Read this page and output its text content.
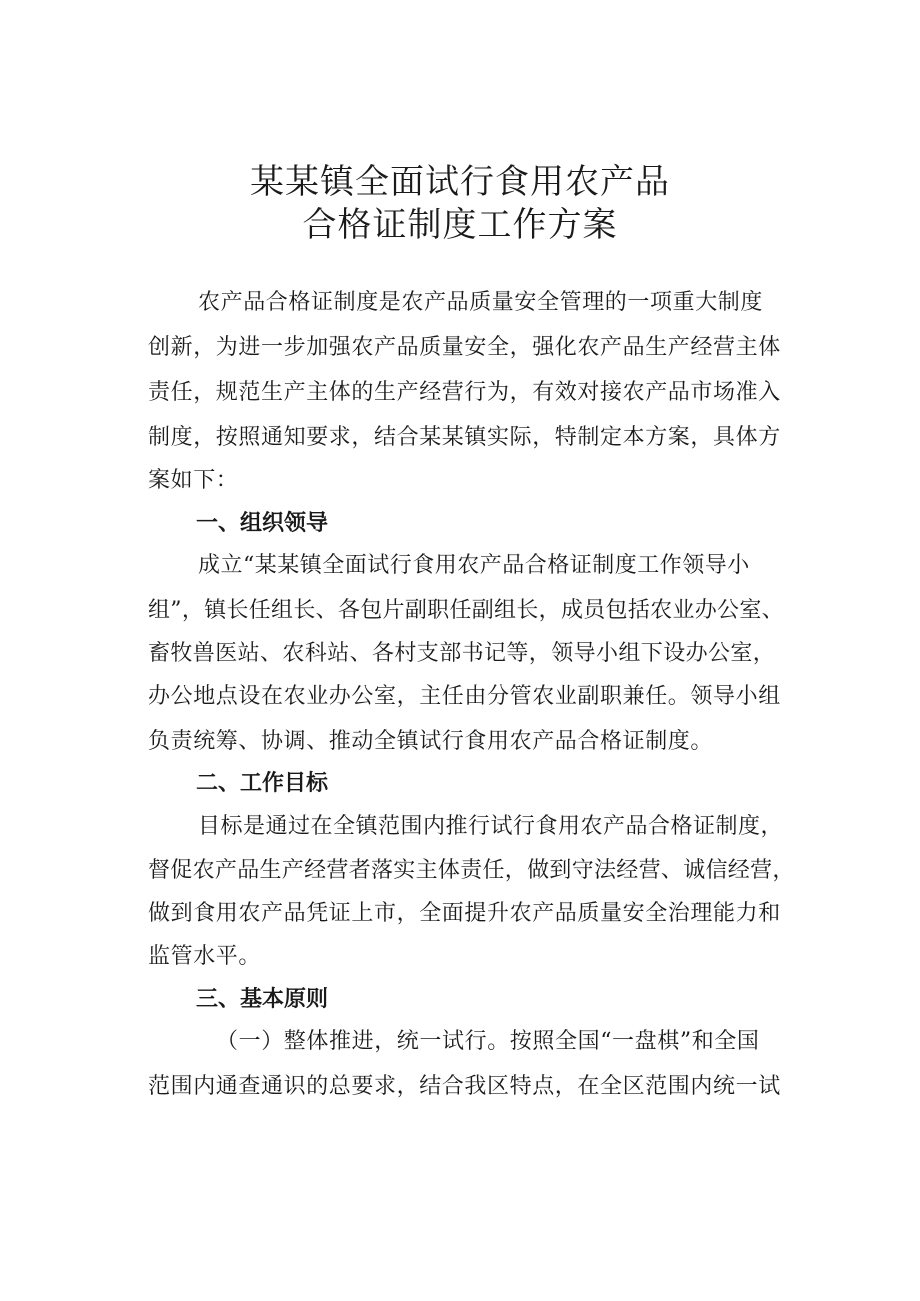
某某镇全面试行食用农产品
合格证制度工作方案

农产品合格证制度是农产品质量安全管理的一项重大制度

创新，为进一步加强农产品质量安全，强化农产品生产经营主体

责任，规范生产主体的生产经营行为，有效对接农产品市场准入

制度，按照通知要求，结合某某镇实际，特制定本方案，具体方

案如下：

一、组织领导

成立“某某镇全面试行食用农产品合格证制度工作领导小

组”，镇长任组长、各包片副职任副组长，成员包括农业办公室、

畜牧兽医站、农科站、各村支部书记等，领导小组下设办公室，

办公地点设在农业办公室，主任由分管农业副职兼任。领导小组

负责统筹、协调、推动全镇试行食用农产品合格证制度。

二、工作目标

目标是通过在全镇范围内推行试行食用农产品合格证制度，

督促农产品生产经营者落实主体责任，做到守法经营、诚信经营，

做到食用农产品凭证上市，全面提升农产品质量安全治理能力和

监管水平。

三、基本原则

（一）整体推进，统一试行。按照全国“一盘棋”和全国

范围内通查通识的总要求，结合我区特点，在全区范围内统一试
